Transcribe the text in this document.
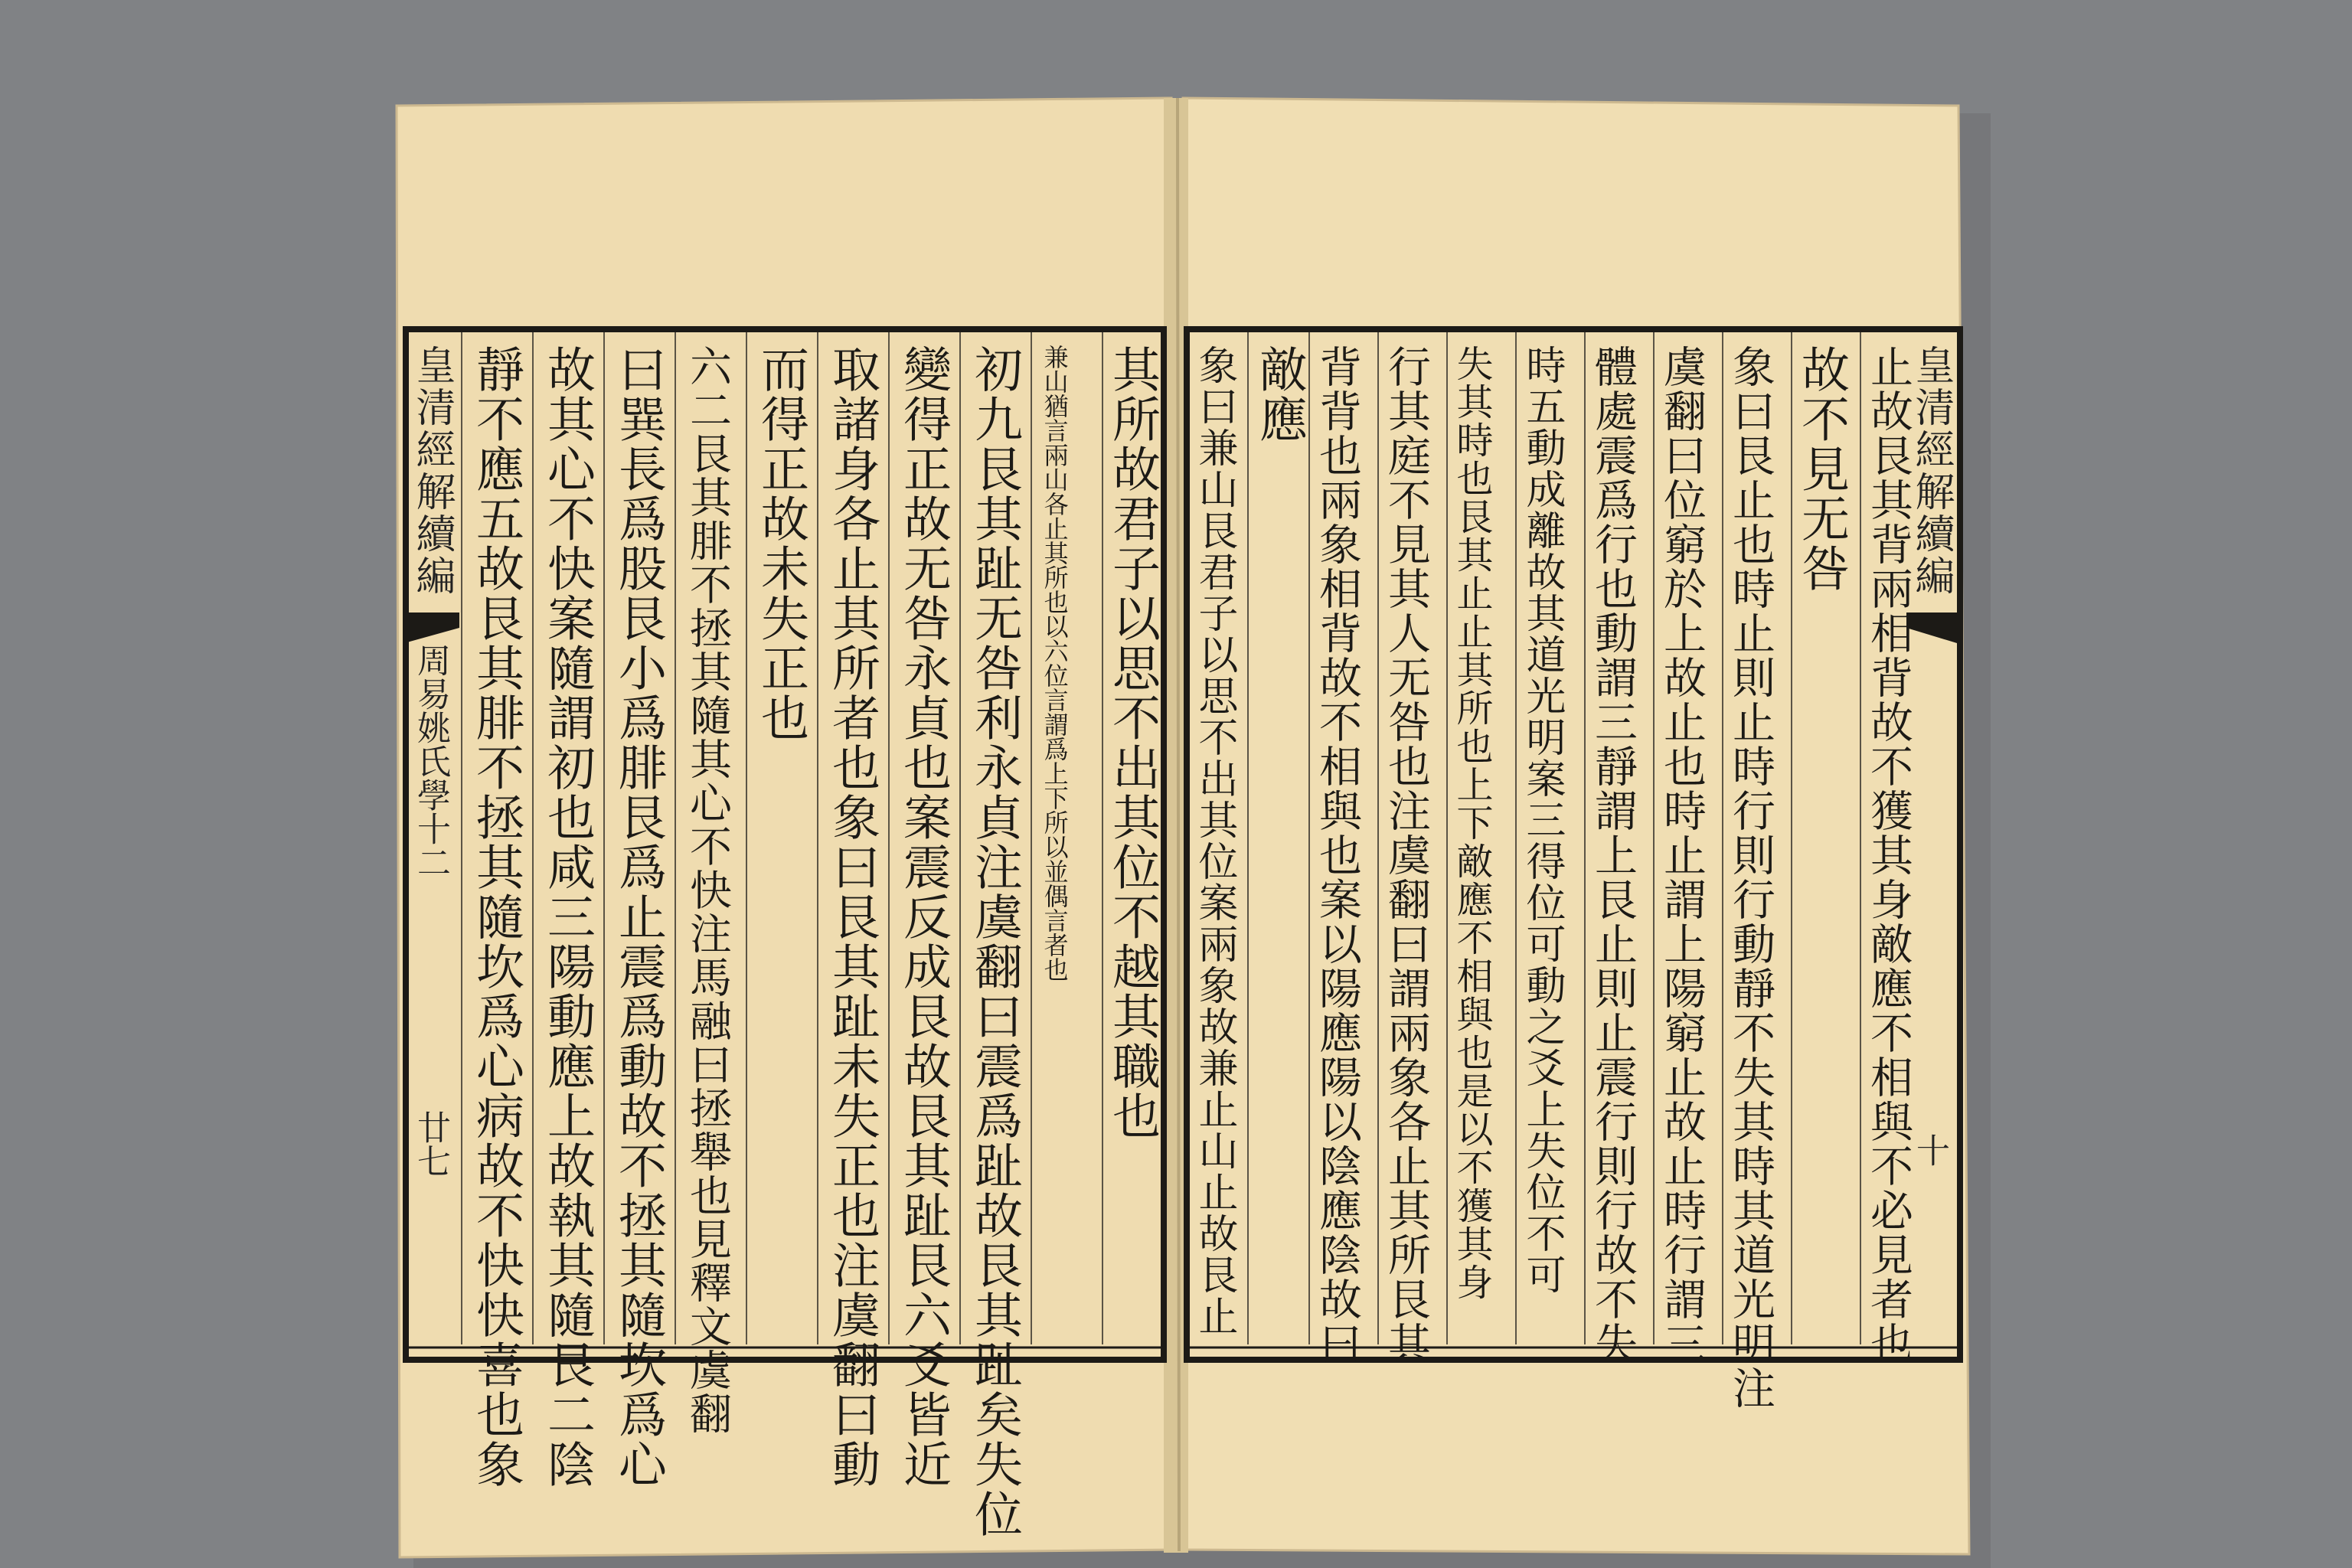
皇清經解續編
周易姚氏學十二
廿七
其所故君子以思不出其位不越其職也
兼山猶言兩山各止其所也以六位言謂爲上下所以並偶言者也
初九艮其趾无咎利永貞注虞翻曰震爲趾故艮其趾矣失位
變得正故无咎永貞也案震反成艮故艮其趾艮六爻皆近
取諸身各止其所者也象曰艮其趾未失正也注虞翻曰動
而得正故未失正也
六二艮其腓不拯其隨其心不快注馬融曰拯舉也見釋文虞翻
曰巽長爲股艮小爲腓艮爲止震爲動故不拯其隨坎爲心
故其心不快案隨謂初也咸三陽動應上故執其隨艮二陰
靜不應五故艮其腓不拯其隨坎爲心病故不快快喜也象	皇清經解續編
十
止故艮其背兩相背故不獲其身敵應不相與不必見者也
故不見无咎
象曰艮止也時止則止時行則行動靜不失其時其道光明注
虞翻曰位窮於上故止也時止謂上陽窮止故止時行謂三
體處震爲行也動謂三靜謂上艮止則止震行則行故不失
時五動成離故其道光明案三得位可動之爻上失位不可
失其時也艮其止止其所也上下敵應不相與也是以不獲其身
行其庭不見其人无咎也注虞翻曰謂兩象各止其所艮其
背背也兩象相背故不相與也案以陽應陽以陰應陰故曰
敵應
象曰兼山艮君子以思不出其位案兩象故兼止山止故艮止
